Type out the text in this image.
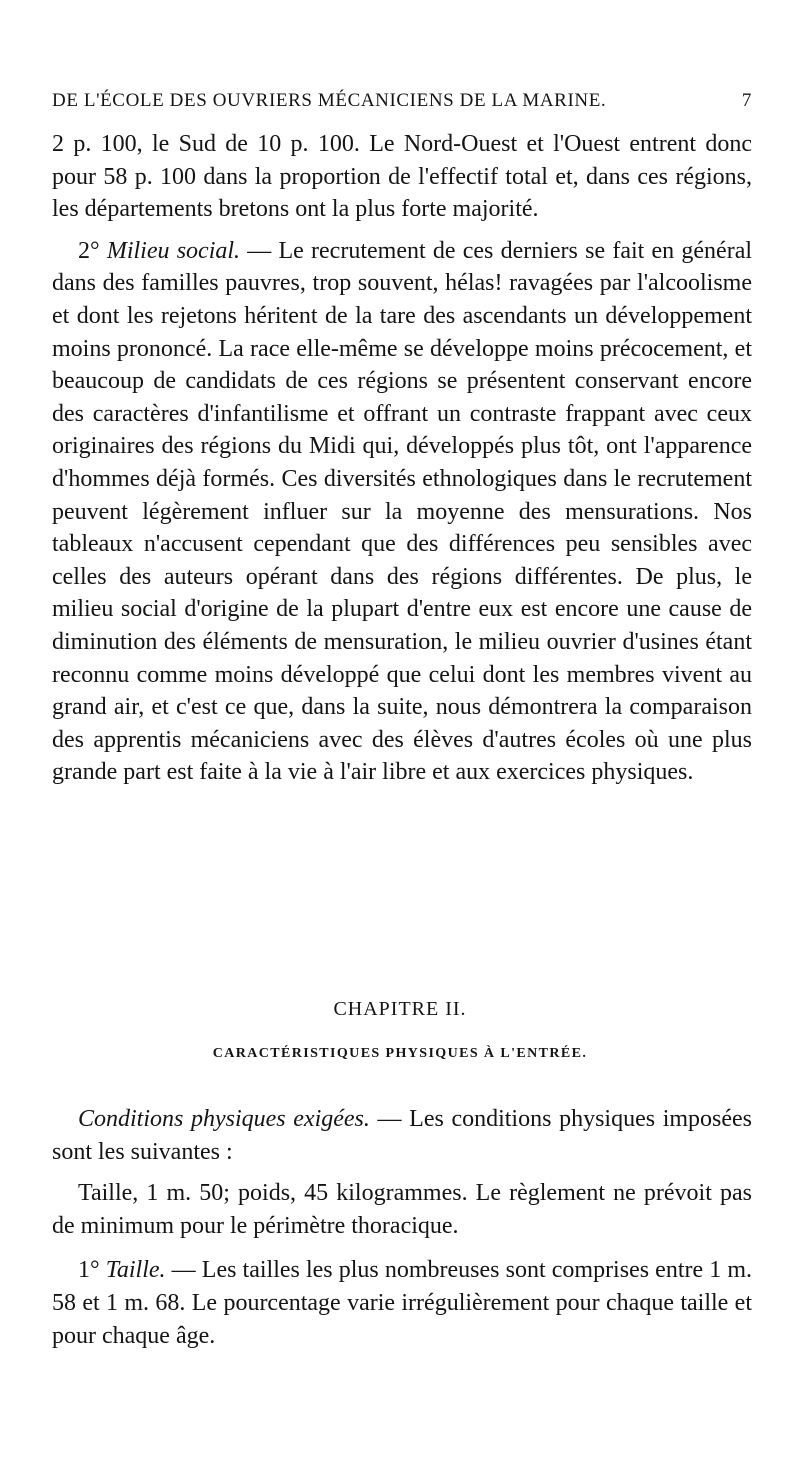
DE L'ÉCOLE DES OUVRIERS MÉCANICIENS DE LA MARINE.	7

2 p. 100, le Sud de 10 p. 100. Le Nord-Ouest et l'Ouest entrent donc pour 58 p. 100 dans la proportion de l'effectif total et, dans ces régions, les départements bretons ont la plus forte majorité.

2° Milieu social. — Le recrutement de ces derniers se fait en général dans des familles pauvres, trop souvent, hélas! ravagées par l'alcoolisme et dont les rejetons héritent de la tare des ascendants un développement moins prononcé. La race elle-même se développe moins précocement, et beaucoup de candidats de ces régions se présentent conservant encore des caractères d'infantilisme et offrant un contraste frappant avec ceux originaires des régions du Midi qui, développés plus tôt, ont l'apparence d'hommes déjà formés. Ces diversités ethnologiques dans le recrutement peuvent légèrement influer sur la moyenne des mensurations. Nos tableaux n'accusent cependant que des différences peu sensibles avec celles des auteurs opérant dans des régions différentes. De plus, le milieu social d'origine de la plupart d'entre eux est encore une cause de diminution des éléments de mensuration, le milieu ouvrier d'usines étant reconnu comme moins développé que celui dont les membres vivent au grand air, et c'est ce que, dans la suite, nous démontrera la comparaison des apprentis mécaniciens avec des élèves d'autres écoles où une plus grande part est faite à la vie à l'air libre et aux exercices physiques.

CHAPITRE II.
CARACTÉRISTIQUES PHYSIQUES À L'ENTRÉE.

Conditions physiques exigées. — Les conditions physiques imposées sont les suivantes :

Taille, 1 m. 50; poids, 45 kilogrammes. Le règlement ne prévoit pas de minimum pour le périmètre thoracique.

1° Taille. — Les tailles les plus nombreuses sont comprises entre 1 m. 58 et 1 m. 68. Le pourcentage varie irrégulièrement pour chaque taille et pour chaque âge.
